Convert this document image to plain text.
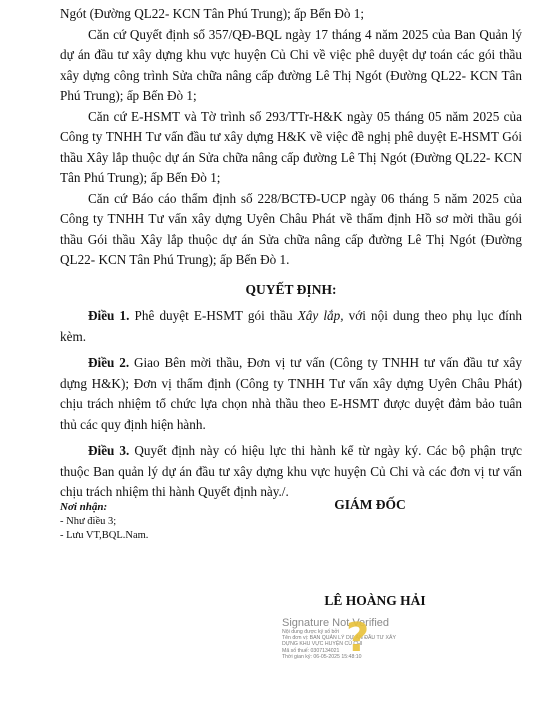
Ngót (Đường QL22- KCN Tân Phú Trung); ấp Bến Đò 1;

Căn cứ Quyết định số 357/QĐ-BQL ngày 17 tháng 4 năm 2025 của Ban Quản lý dự án đầu tư xây dựng khu vực huyện Củ Chi về việc phê duyệt dự toán các gói thầu xây dựng công trình Sửa chữa nâng cấp đường Lê Thị Ngót (Đường QL22- KCN Tân Phú Trung); ấp Bến Đò 1;

Căn cứ E-HSMT và Tờ trình số 293/TTr-H&K ngày 05 tháng 05 năm 2025 của Công ty TNHH Tư vấn đầu tư xây dựng H&K về việc đề nghị phê duyệt E-HSMT Gói thầu Xây lắp thuộc dự án Sửa chữa nâng cấp đường Lê Thị Ngót (Đường QL22- KCN Tân Phú Trung); ấp Bến Đò 1;

Căn cứ Báo cáo thẩm định số 228/BCTĐ-UCP ngày 06 tháng 5 năm 2025 của Công ty TNHH Tư vấn xây dựng Uyên Châu Phát về thẩm định Hồ sơ mời thầu gói thầu Gói thầu Xây lắp thuộc dự án Sửa chữa nâng cấp đường Lê Thị Ngót (Đường QL22- KCN Tân Phú Trung); ấp Bến Đò 1.

QUYẾT ĐỊNH:

Điều 1. Phê duyệt E-HSMT gói thầu Xây lắp, với nội dung theo phụ lục đính kèm.

Điều 2. Giao Bên mời thầu, Đơn vị tư vấn (Công ty TNHH tư vấn đầu tư xây dựng H&K); Đơn vị thẩm định (Công ty TNHH Tư vấn xây dựng Uyên Châu Phát) chịu trách nhiệm tổ chức lựa chọn nhà thầu theo E-HSMT được duyệt đảm bảo tuân thủ các quy định hiện hành.

Điều 3. Quyết định này có hiệu lực thi hành kể từ ngày ký. Các bộ phận trực thuộc Ban quản lý dự án đầu tư xây dựng khu vực huyện Củ Chi và các đơn vị tư vấn chịu trách nhiệm thi hành Quyết định này./.

Nơi nhận:
- Như điều 3;
- Lưu VT,BQL.Nam.
GIÁM ĐỐC
LÊ HOÀNG HẢI
?
Signature Not Verified
Nội dung được ký số bởi
Tên đơn vị: BAN QUẢN LÝ DỰ ÁN ĐẦU TƯ XÂY
DỰNG KHU VỰC HUYỆN CỦ CHI
Mã số thuế: 0307134021
Thời gian ký: 06-05-2025 15:48:10
